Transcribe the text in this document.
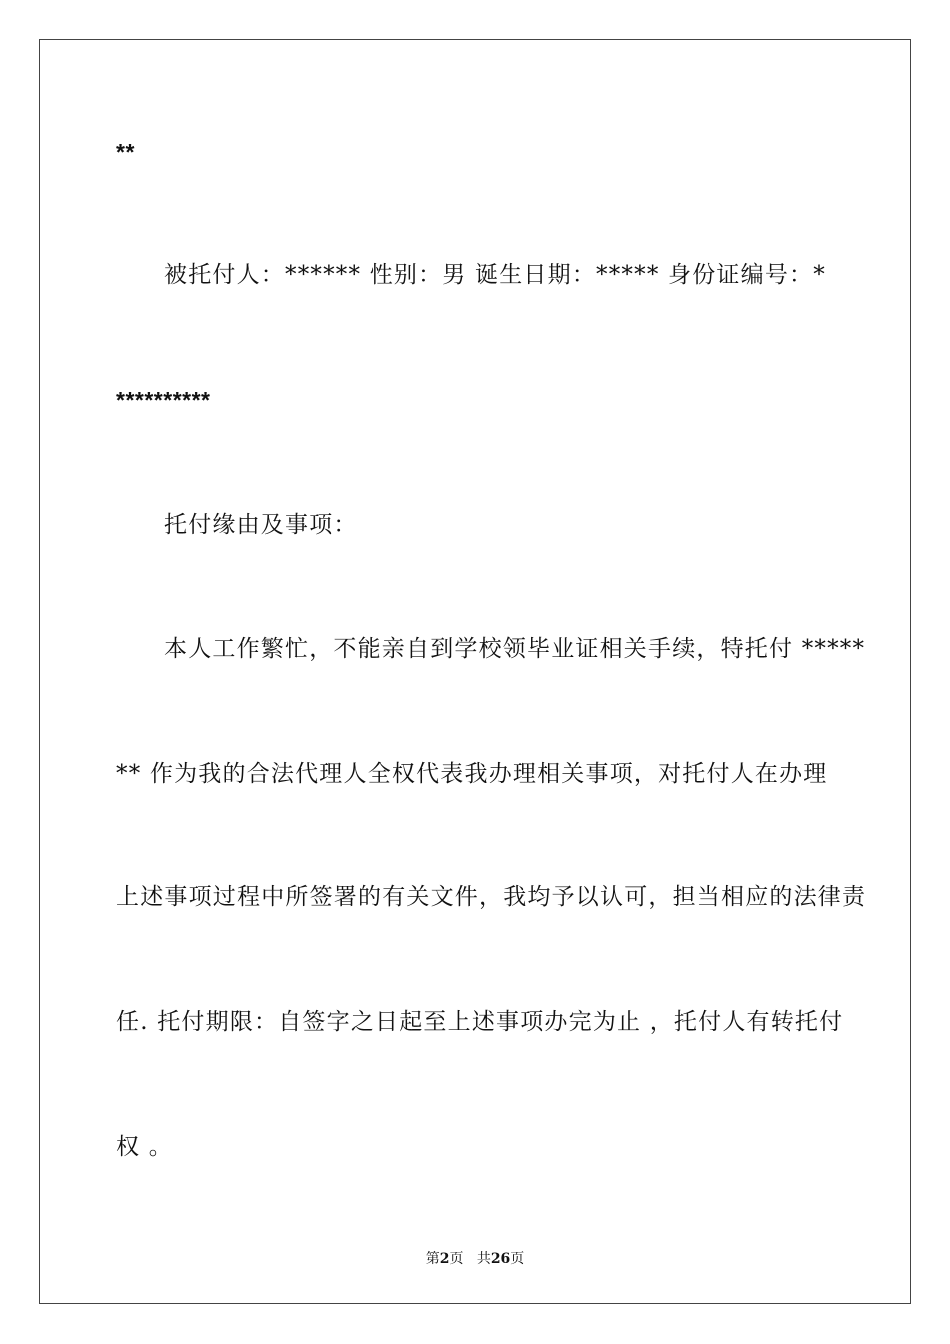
**
被托付人：****** 性别：男 诞生日期：***** 身份证编号：*
**********
托付缘由及事项：
本人工作繁忙，不能亲自到学校领毕业证相关手续，特托付 *****
** 作为我的合法代理人全权代表我办理相关事项，对托付人在办理
上述事项过程中所签署的有关文件，我均予以认可，担当相应的法律责
任. 托付期限：自签字之日起至上述事项办完为止 ，托付人有转托付
权 。
第2页 共26页
